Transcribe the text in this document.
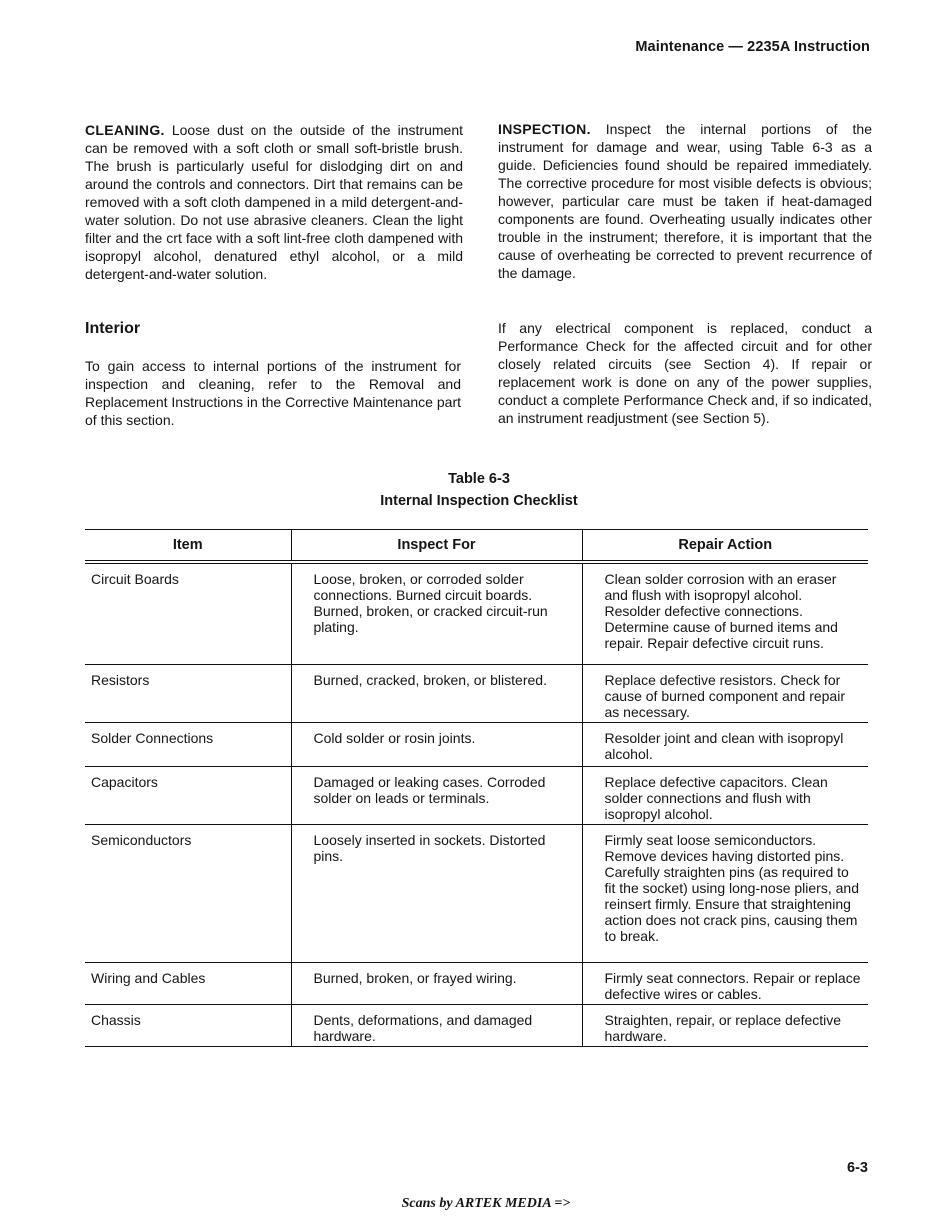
Maintenance — 2235A Instruction

CLEANING. Loose dust on the outside of the instrument can be removed with a soft cloth or small soft-bristle brush. The brush is particularly useful for dislodging dirt on and around the controls and connectors. Dirt that remains can be removed with a soft cloth dampened in a mild detergent-and-water solution. Do not use abrasive cleaners. Clean the light filter and the crt face with a soft lint-free cloth dampened with isopropyl alcohol, denatured ethyl alcohol, or a mild detergent-and-water solution.

Interior

To gain access to internal portions of the instrument for inspection and cleaning, refer to the Removal and Replacement Instructions in the Corrective Maintenance part of this section.

INSPECTION. Inspect the internal portions of the instrument for damage and wear, using Table 6-3 as a guide. Deficiencies found should be repaired immediately. The corrective procedure for most visible defects is obvious; however, particular care must be taken if heat-damaged components are found. Overheating usually indicates other trouble in the instrument; therefore, it is important that the cause of overheating be corrected to prevent recurrence of the damage.

If any electrical component is replaced, conduct a Performance Check for the affected circuit and for other closely related circuits (see Section 4). If repair or replacement work is done on any of the power supplies, conduct a complete Performance Check and, if so indicated, an instrument readjustment (see Section 5).

Table 6-3
Internal Inspection Checklist
Item	Inspect For	Repair Action
Circuit Boards	Loose, broken, or corroded solder connections. Burned circuit boards. Burned, broken, or cracked circuit-run plating.	Clean solder corrosion with an eraser and flush with isopropyl alcohol. Resolder defective connections. Determine cause of burned items and repair. Repair defective circuit runs.
Resistors	Burned, cracked, broken, or blistered.	Replace defective resistors. Check for cause of burned component and repair as necessary.
Solder Connections	Cold solder or rosin joints.	Resolder joint and clean with isopropyl alcohol.
Capacitors	Damaged or leaking cases. Corroded solder on leads or terminals.	Replace defective capacitors. Clean solder connections and flush with isopropyl alcohol.
Semiconductors	Loosely inserted in sockets. Distorted pins.	Firmly seat loose semiconductors. Remove devices having distorted pins. Carefully straighten pins (as required to fit the socket) using long-nose pliers, and reinsert firmly. Ensure that straightening action does not crack pins, causing them to break.
Wiring and Cables	Burned, broken, or frayed wiring.	Firmly seat connectors. Repair or replace defective wires or cables.
Chassis	Dents, deformations, and damaged hardware.	Straighten, repair, or replace defective hardware.
6-3
Scans by ARTEK MEDIA =>
